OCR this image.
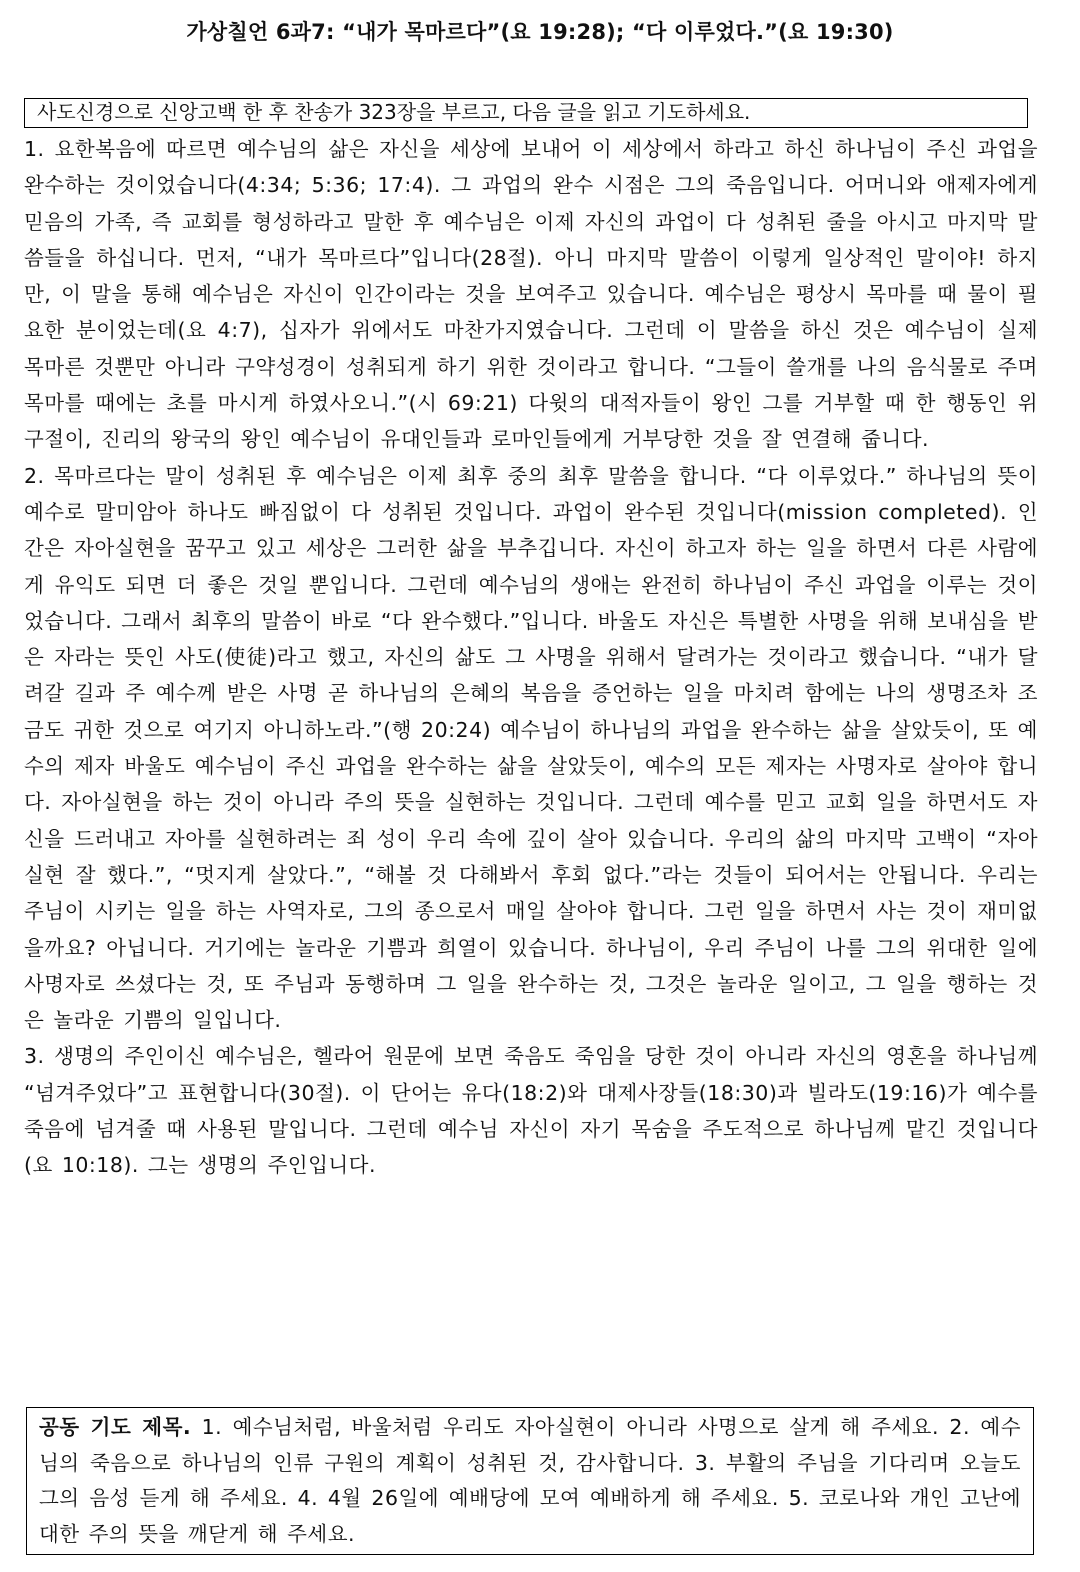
가상칠언 6과7: “내가 목마르다”(요 19:28); “다 이루었다.”(요 19:30)
사도신경으로 신앙고백 한 후 찬송가 323장을 부르고, 다음 글을 읽고 기도하세요.

1. 요한복음에 따르면 예수님의 삶은 자신을 세상에 보내어 이 세상에서 하라고 하신 하나님이 주신 과업을 완수하는 것이었습니다(4:34; 5:36; 17:4). 그 과업의 완수 시점은 그의 죽음입니다. 어머니와 애제자에게 믿음의 가족, 즉 교회를 형성하라고 말한 후 예수님은 이제 자신의 과업이 다 성취된 줄을 아시고 마지막 말씀들을 하십니다. 먼저, “내가 목마르다”입니다(28절). 아니 마지막 말씀이 이렇게 일상적인 말이야! 하지만, 이 말을 통해 예수님은 자신이 인간이라는 것을 보여주고 있습니다. 예수님은 평상시 목마를 때 물이 필요한 분이었는데(요 4:7), 십자가 위에서도 마찬가지였습니다. 그런데 이 말씀을 하신 것은 예수님이 실제 목마른 것뿐만 아니라 구약성경이 성취되게 하기 위한 것이라고 합니다. “그들이 쓸개를 나의 음식물로 주며 목마를 때에는 초를 마시게 하였사오니.”(시 69:21) 다윗의 대적자들이 왕인 그를 거부할 때 한 행동인 위 구절이, 진리의 왕국의 왕인 예수님이 유대인들과 로마인들에게 거부당한 것을 잘 연결해 줍니다.

2. 목마르다는 말이 성취된 후 예수님은 이제 최후 중의 최후 말씀을 합니다. “다 이루었다.” 하나님의 뜻이 예수로 말미암아 하나도 빠짐없이 다 성취된 것입니다. 과업이 완수된 것입니다(mission completed). 인간은 자아실현을 꿈꾸고 있고 세상은 그러한 삶을 부추깁니다. 자신이 하고자 하는 일을 하면서 다른 사람에게 유익도 되면 더 좋은 것일 뿐입니다. 그런데 예수님의 생애는 완전히 하나님이 주신 과업을 이루는 것이었습니다. 그래서 최후의 말씀이 바로 “다 완수했다.”입니다. 바울도 자신은 특별한 사명을 위해 보내심을 받은 자라는 뜻인 사도(使徒)라고 했고, 자신의 삶도 그 사명을 위해서 달려가는 것이라고 했습니다. “내가 달려갈 길과 주 예수께 받은 사명 곧 하나님의 은혜의 복음을 증언하는 일을 마치려 함에는 나의 생명조차 조금도 귀한 것으로 여기지 아니하노라.”(행 20:24) 예수님이 하나님의 과업을 완수하는 삶을 살았듯이, 또 예수의 제자 바울도 예수님이 주신 과업을 완수하는 삶을 살았듯이, 예수의 모든 제자는 사명자로 살아야 합니다. 자아실현을 하는 것이 아니라 주의 뜻을 실현하는 것입니다. 그런데 예수를 믿고 교회 일을 하면서도 자신을 드러내고 자아를 실현하려는 죄 성이 우리 속에 깊이 살아 있습니다. 우리의 삶의 마지막 고백이 “자아실현 잘 했다.”, “멋지게 살았다.”, “해볼 것 다해봐서 후회 없다.”라는 것들이 되어서는 안됩니다. 우리는 주님이 시키는 일을 하는 사역자로, 그의 종으로서 매일 살아야 합니다. 그런 일을 하면서 사는 것이 재미없을까요? 아닙니다. 거기에는 놀라운 기쁨과 희열이 있습니다. 하나님이, 우리 주님이 나를 그의 위대한 일에 사명자로 쓰셨다는 것, 또 주님과 동행하며 그 일을 완수하는 것, 그것은 놀라운 일이고, 그 일을 행하는 것은 놀라운 기쁨의 일입니다.

3. 생명의 주인이신 예수님은, 헬라어 원문에 보면 죽음도 죽임을 당한 것이 아니라 자신의 영혼을 하나님께 “넘겨주었다”고 표현합니다(30절). 이 단어는 유다(18:2)와 대제사장들(18:30)과 빌라도(19:16)가 예수를 죽음에 넘겨줄 때 사용된 말입니다. 그런데 예수님 자신이 자기 목숨을 주도적으로 하나님께 맡긴 것입니다(요 10:18). 그는 생명의 주인입니다.

공동 기도 제목. 1. 예수님처럼, 바울처럼 우리도 자아실현이 아니라 사명으로 살게 해 주세요. 2. 예수님의 죽음으로 하나님의 인류 구원의 계획이 성취된 것, 감사합니다. 3. 부활의 주님을 기다리며 오늘도 그의 음성 듣게 해 주세요. 4. 4월 26일에 예배당에 모여 예배하게 해 주세요. 5. 코로나와 개인 고난에 대한 주의 뜻을 깨닫게 해 주세요.
